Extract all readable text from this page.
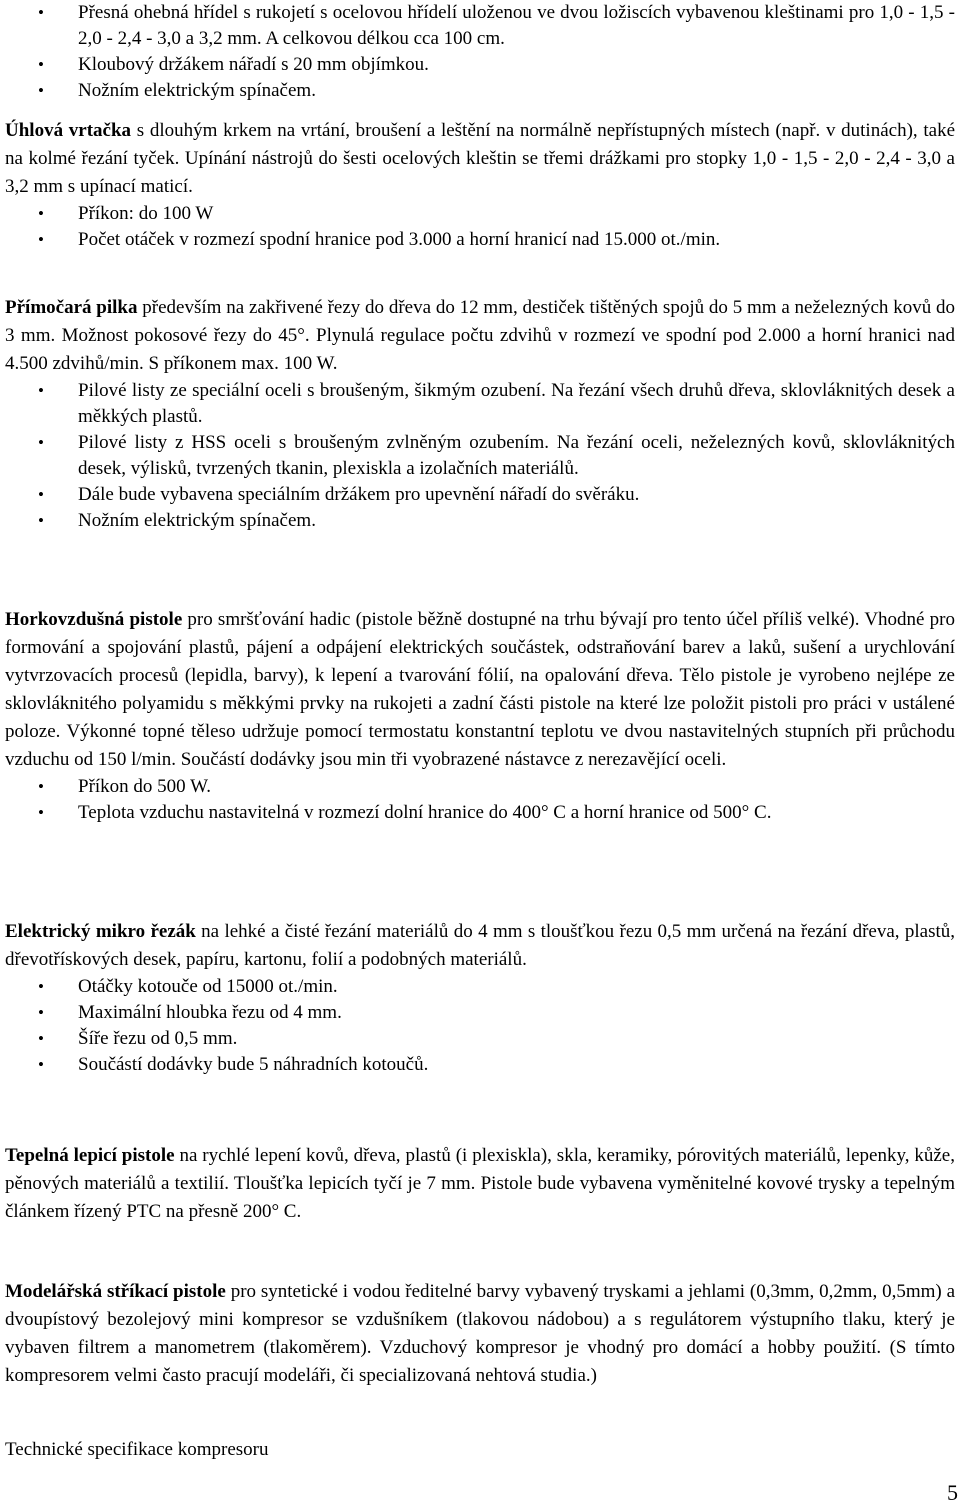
• Přesná ohebná hřídel s rukojetí s ocelovou hřídelí uloženou ve dvou ložiscích vybavenou kleštinami pro 1,0 - 1,5 - 2,0 - 2,4 - 3,0 a 3,2 mm. A celkovou délkou cca 100 cm.
• Kloubový držákem nářadí s 20 mm objímkou.
• Nožním elektrickým spínačem.

Úhlová vrtačka s dlouhým krkem na vrtání, broušení a leštění na normálně nepřístupných místech (např. v dutinách), také na kolmé řezání tyček. Upínání nástrojů do šesti ocelových kleštin se třemi drážkami pro stopky 1,0 - 1,5 - 2,0 - 2,4 - 3,0 a 3,2 mm s upínací maticí.

• Příkon: do 100 W
• Počet otáček v rozmezí spodní hranice pod 3.000 a horní hranicí nad 15.000 ot./min.

Přímočará pilka především na zakřivené řezy do dřeva do 12 mm, destiček tištěných spojů do 5 mm a neželezných kovů do 3 mm. Možnost pokosové řezy do 45°. Plynulá regulace počtu zdvihů v rozmezí ve spodní pod 2.000 a horní hranici nad 4.500 zdvihů/min. S příkonem max. 100 W.

• Pilové listy ze speciální oceli s broušeným, šikmým ozubení. Na řezání všech druhů dřeva, sklovláknitých desek a měkkých plastů.
• Pilové listy z HSS oceli s broušeným zvlněným ozubením. Na řezání oceli, neželezných kovů, sklovláknitých desek, výlisků, tvrzených tkanin, plexiskla a izolačních materiálů.
• Dále bude vybavena speciálním držákem pro upevnění nářadí do svěráku.
• Nožním elektrickým spínačem.

Horkovzdušná pistole pro smršťování hadic (pistole běžně dostupné na trhu bývají pro tento účel příliš velké). Vhodné pro formování a spojování plastů, pájení a odpájení elektrických součástek, odstraňování barev a laků, sušení a urychlování vytvrzovacích procesů (lepidla, barvy), k lepení a tvarování fólií, na opalování dřeva. Tělo pistole je vyrobeno nejlépe ze sklovláknitého polyamidu s měkkými prvky na rukojeti a zadní části pistole na které lze položit pistoli pro práci v ustálené poloze. Výkonné topné těleso udržuje pomocí termostatu konstantní teplotu ve dvou nastavitelných stupních při průchodu vzduchu od 150 l/min. Součástí dodávky jsou min tři vyobrazené nástavce z nerezavějící oceli.

• Příkon do 500 W.
• Teplota vzduchu nastavitelná v rozmezí dolní hranice do 400° C a horní hranice od 500° C.

Elektrický mikro řezák na lehké a čisté řezání materiálů do 4 mm s tloušťkou řezu 0,5 mm určená na řezání dřeva, plastů, dřevotřískových desek, papíru, kartonu, folií a podobných materiálů.

• Otáčky kotouče od 15000 ot./min.
• Maximální hloubka řezu od 4 mm.
• Šíře řezu od 0,5 mm.
• Součástí dodávky bude 5 náhradních kotoučů.

Tepelná lepicí pistole na rychlé lepení kovů, dřeva, plastů (i plexiskla), skla, keramiky, pórovitých materiálů, lepenky, kůže, pěnových materiálů a textilií. Tloušťka lepicích tyčí je 7 mm. Pistole bude vybavena vyměnitelné kovové trysky a tepelným článkem řízený PTC na přesně 200° C.

Modelářská stříkací pistole pro syntetické i vodou ředitelné barvy vybavený tryskami a jehlami (0,3mm, 0,2mm, 0,5mm) a dvoupístový bezolejový mini kompresor se vzdušníkem (tlakovou nádobou) a s regulátorem výstupního tlaku, který je vybaven filtrem a manometrem (tlakoměrem). Vzduchový kompresor je vhodný pro domácí a hobby použití. (S tímto kompresorem velmi často pracují modeláři, či specializovaná nehtová studia.)

Technické specifikace kompresoru
5
